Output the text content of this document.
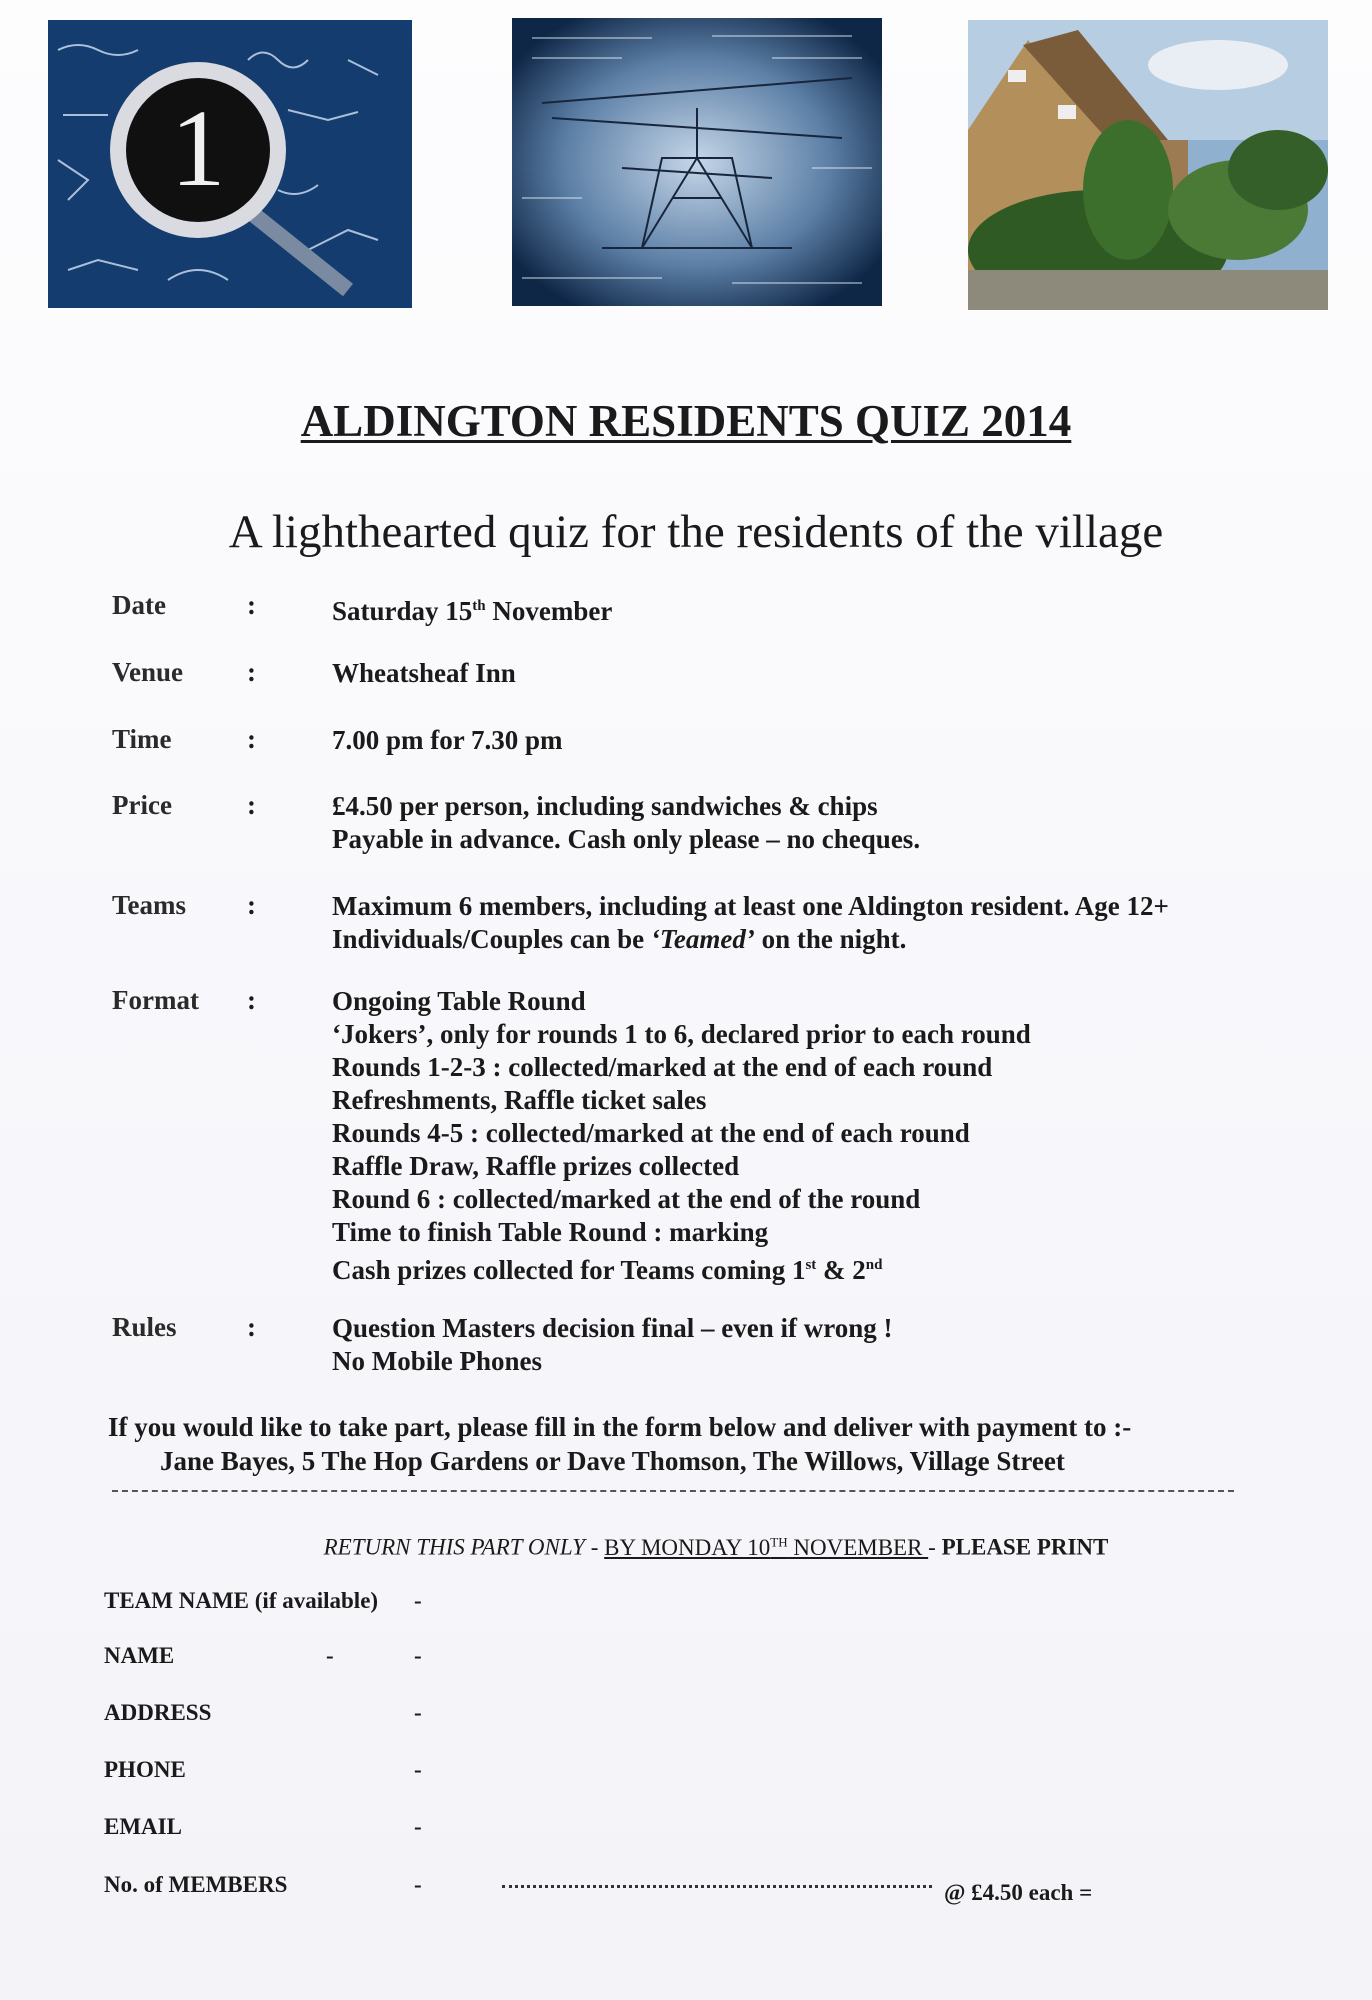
1
ALDINGTON RESIDENTS QUIZ 2014
A lighthearted quiz for the residents of the village
Date	:	Saturday 15th November
Venue :	Wheatsheaf Inn
Time	:	7.00 pm for 7.30 pm
Price	:	£4.50 per person, including sandwiches & chips
Payable in advance. Cash only please – no cheques.
Teams :	Maximum 6 members, including at least one Aldington resident. Age 12+
Individuals/Couples can be ‘Teamed’ on the night.
Format :	Ongoing Table Round
‘Jokers’, only for rounds 1 to 6, declared prior to each round
Rounds 1-2-3 : collected/marked at the end of each round
Refreshments, Raffle ticket sales
Rounds 4-5 : collected/marked at the end of each round
Raffle Draw, Raffle prizes collected
Round 6 : collected/marked at the end of the round
Time to finish Table Round : marking
Cash prizes collected for Teams coming 1st & 2nd
Rules	:	Question Masters decision final – even if wrong !
No Mobile Phones
If you would like to take part, please fill in the form below and deliver with payment to :-
Jane Bayes, 5 The Hop Gardens or Dave Thomson, The Willows, Village Street
RETURN THIS PART ONLY - BY MONDAY 10TH NOVEMBER - PLEASE PRINT
TEAM NAME (if available) -
NAME	-	-
ADDRESS	-
PHONE	-
EMAIL	-
No. of MEMBERS	-	@ £4.50 each =
